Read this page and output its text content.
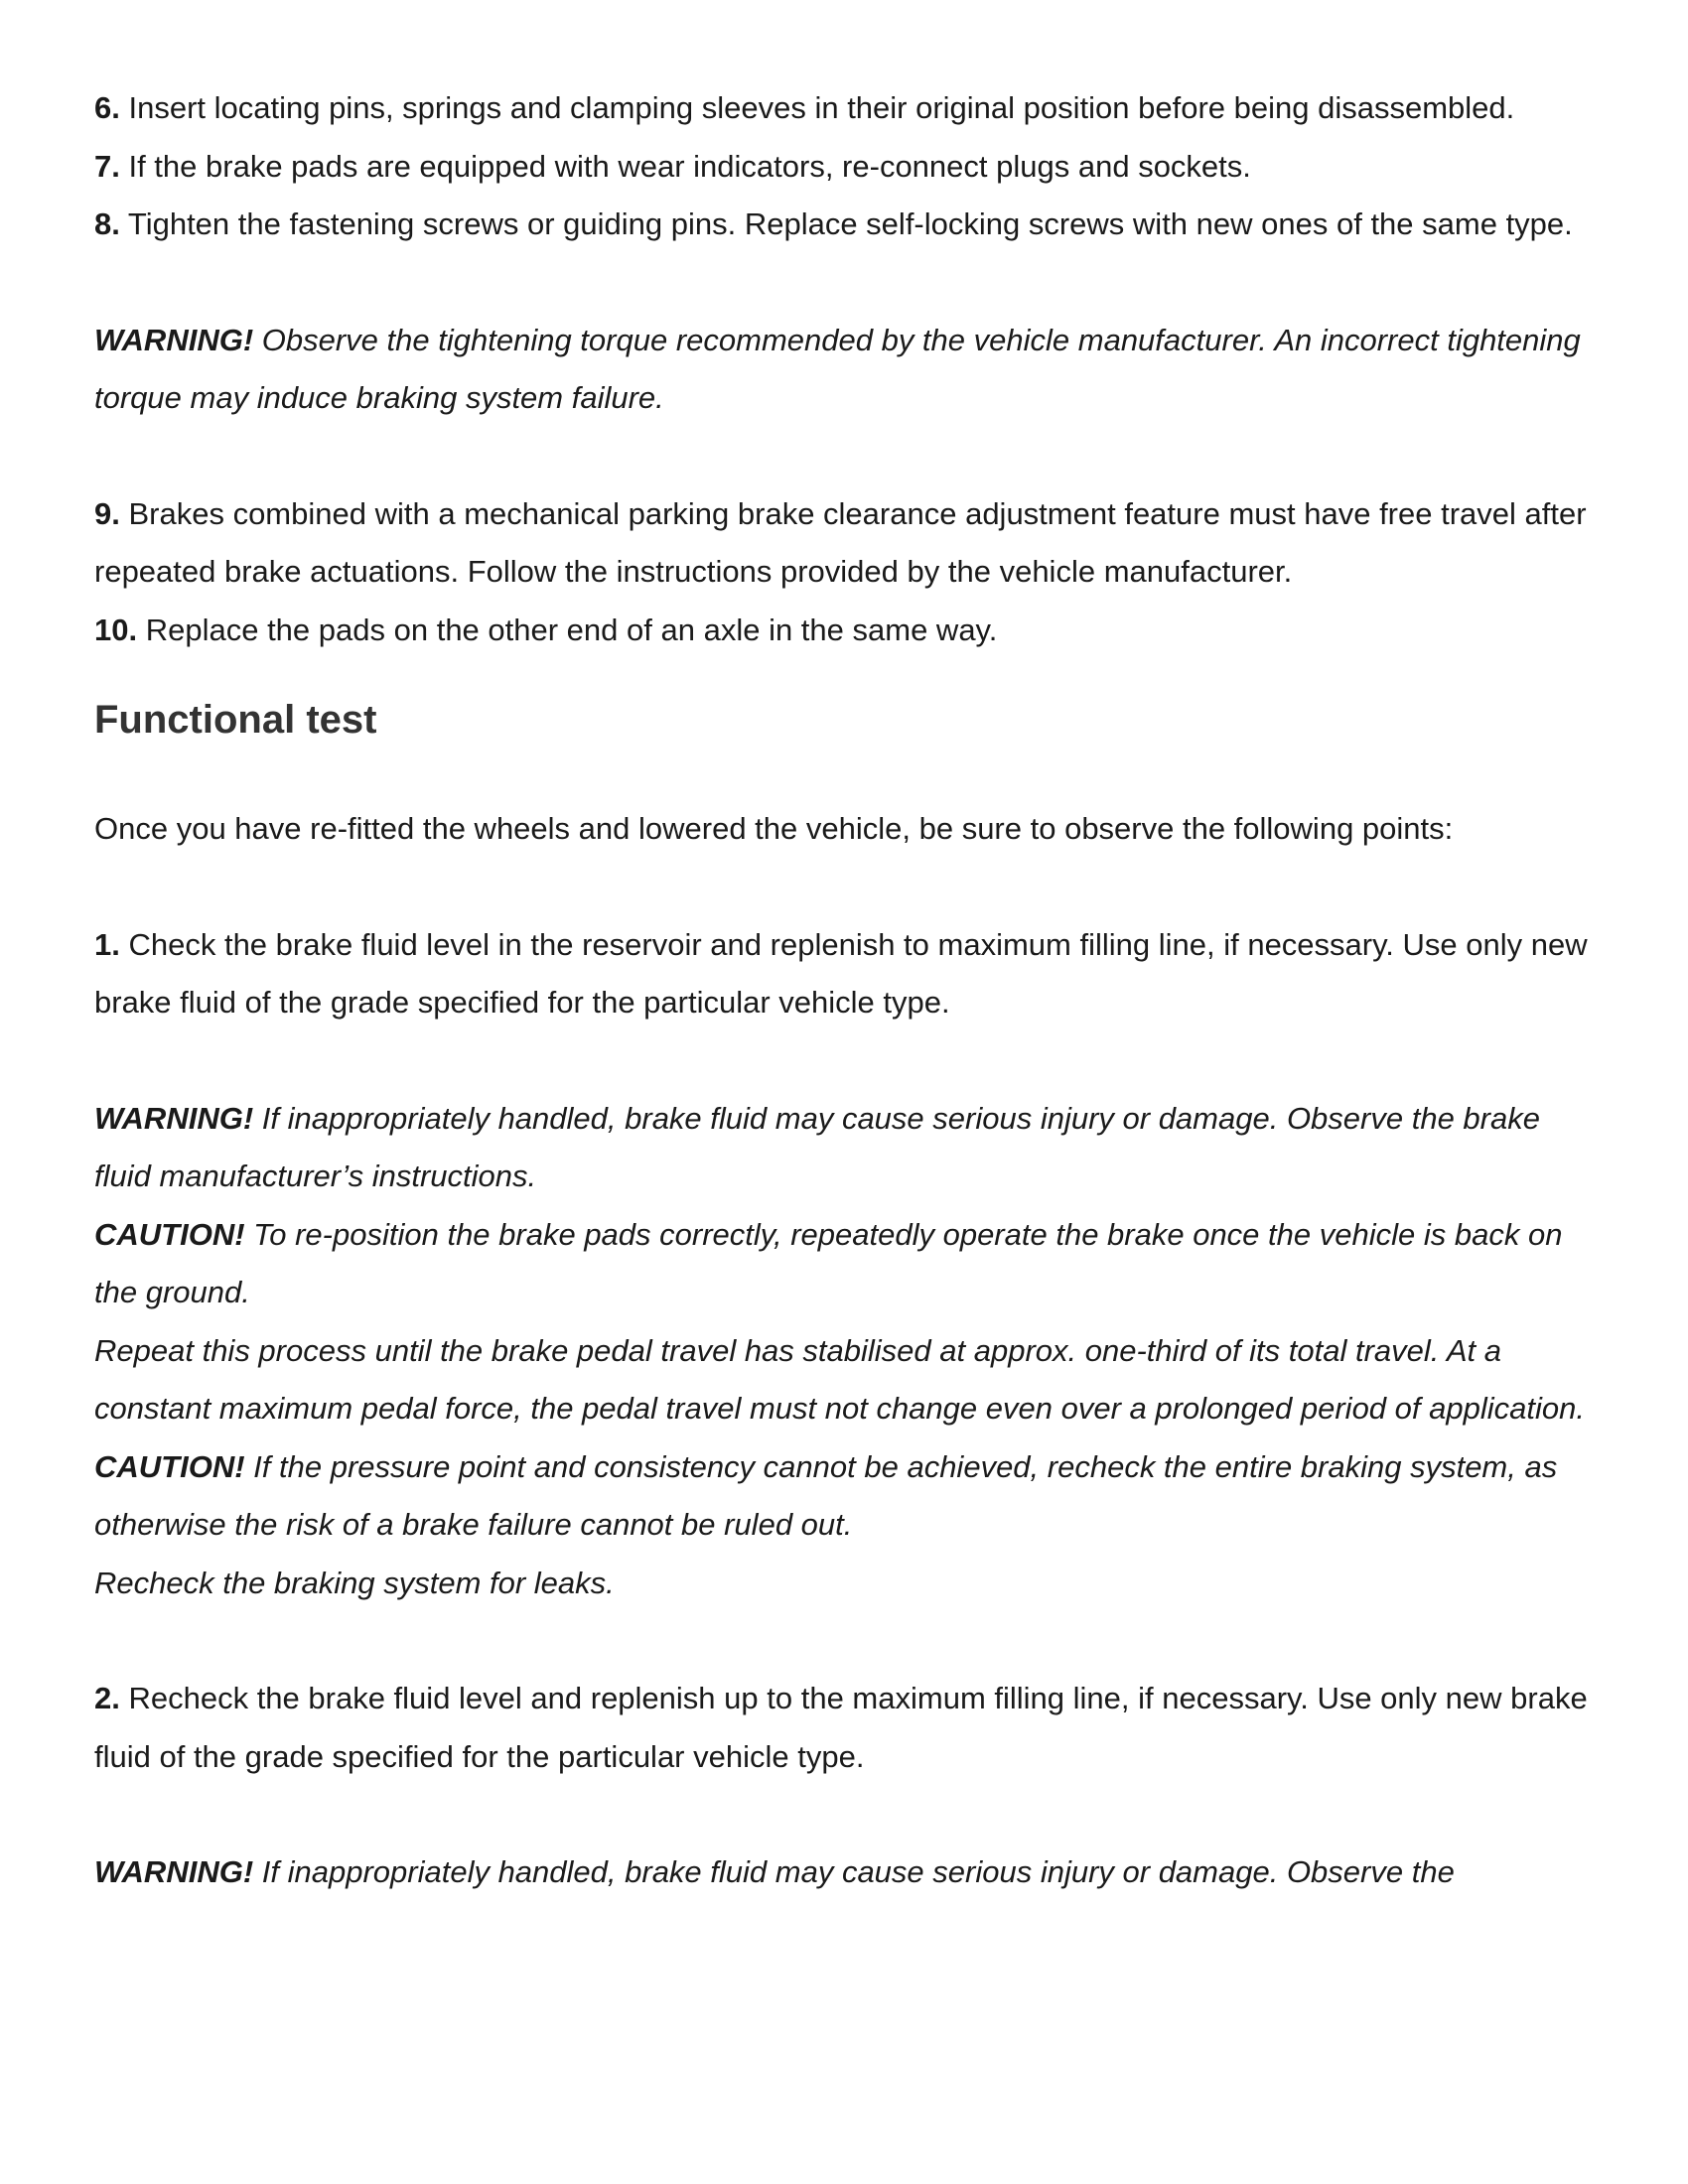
6. Insert locating pins, springs and clamping sleeves in their original position before being disassembled.

7. If the brake pads are equipped with wear indicators, re-connect plugs and sockets.

8. Tighten the fastening screws or guiding pins. Replace self-locking screws with new ones of the same type.

WARNING! Observe the tightening torque recommended by the vehicle manufacturer. An incorrect tightening torque may induce braking system failure.

9. Brakes combined with a mechanical parking brake clearance adjustment feature must have free travel after repeated brake actuations. Follow the instructions provided by the vehicle manufacturer.

10. Replace the pads on the other end of an axle in the same way.

Functional test

Once you have re-fitted the wheels and lowered the vehicle, be sure to observe the following points:

1. Check the brake fluid level in the reservoir and replenish to maximum filling line, if necessary. Use only new brake fluid of the grade specified for the particular vehicle type.

WARNING! If inappropriately handled, brake fluid may cause serious injury or damage. Observe the brake fluid manufacturer’s instructions.

CAUTION! To re-position the brake pads correctly, repeatedly operate the brake once the vehicle is back on the ground.

Repeat this process until the brake pedal travel has stabilised at approx. one-third of its total travel. At a constant maximum pedal force, the pedal travel must not change even over a prolonged period of application.

CAUTION! If the pressure point and consistency cannot be achieved, recheck the entire braking system, as otherwise the risk of a brake failure cannot be ruled out.

Recheck the braking system for leaks.

2. Recheck the brake fluid level and replenish up to the maximum filling line, if necessary. Use only new brake fluid of the grade specified for the particular vehicle type.

WARNING! If inappropriately handled, brake fluid may cause serious injury or damage. Observe the
